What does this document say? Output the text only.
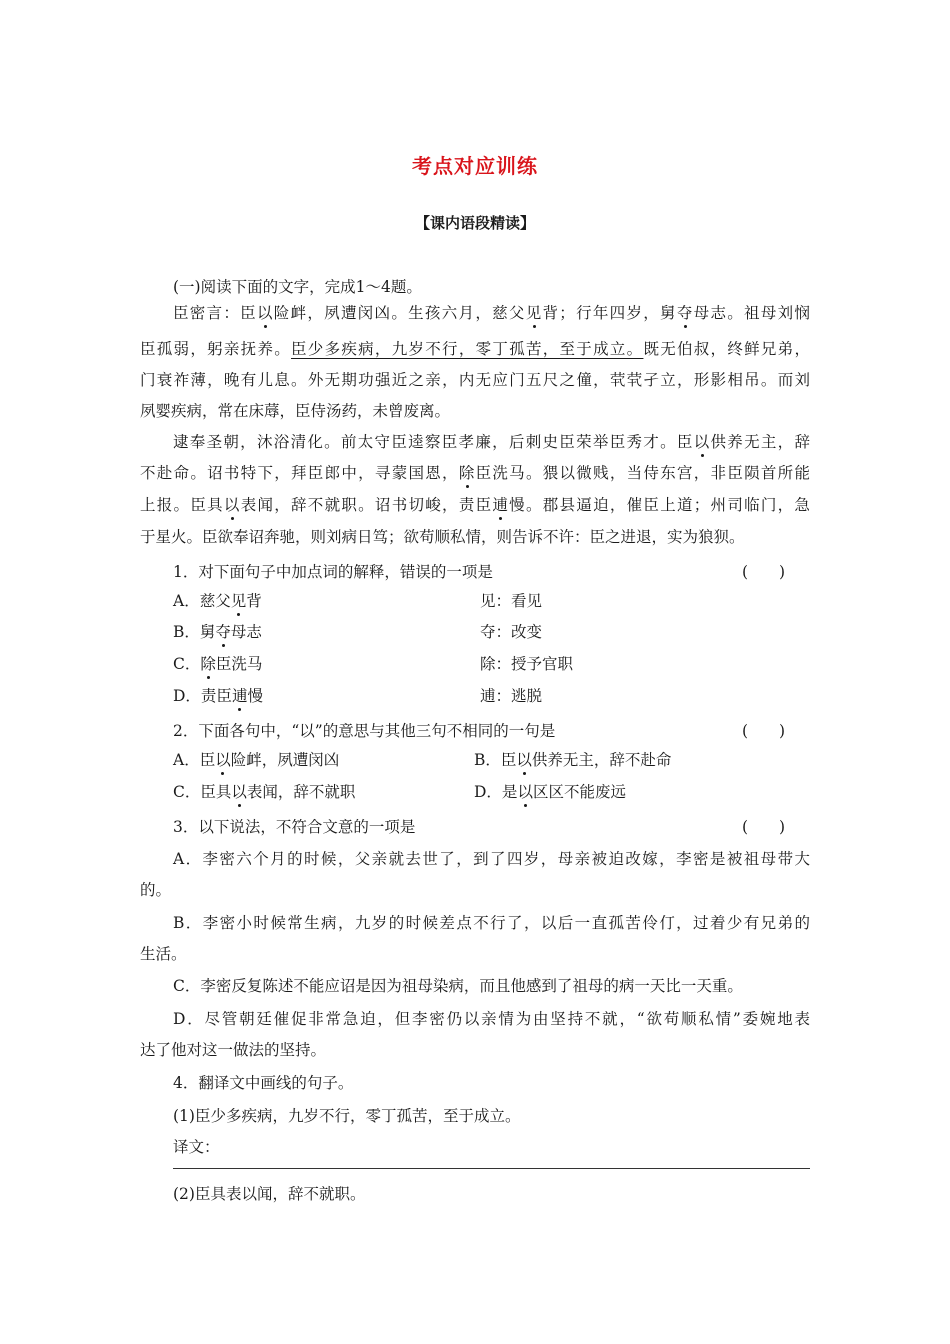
考点对应训练
【课内语段精读】
(一)阅读下面的文字，完成1～4题。
臣密言：臣以险衅，夙遭闵凶。生孩六月，慈父见背；行年四岁，舅夺母志。祖母刘悯
臣孤弱，躬亲抚养。臣少多疾病，九岁不行，零丁孤苦，至于成立。既无伯叔，终鲜兄弟，
门衰祚薄，晚有儿息。外无期功强近之亲，内无应门五尺之僮，茕茕孑立，形影相吊。而刘
夙婴疾病，常在床蓐，臣侍汤药，未曾废离。
逮奉圣朝，沐浴清化。前太守臣逵察臣孝廉，后刺史臣荣举臣秀才。臣以供养无主，辞
不赴命。诏书特下，拜臣郎中，寻蒙国恩，除臣洗马。猥以微贱，当侍东宫，非臣陨首所能
上报。臣具以表闻，辞不就职。诏书切峻，责臣逋慢。郡县逼迫，催臣上道；州司临门，急
于星火。臣欲奉诏奔驰，则刘病日笃；欲苟顺私情，则告诉不许：臣之进退，实为狼狈。
1．对下面句子中加点词的解释，错误的一项是	(　　)
A．慈父见背	见：看见
B．舅夺母志	夺：改变
C．除臣洗马	除：授予官职
D．责臣逋慢	逋：逃脱
2．下面各句中，“以”的意思与其他三句不相同的一句是	(　　)
A．臣以险衅，夙遭闵凶	B．臣以供养无主，辞不赴命
C．臣具以表闻，辞不就职	D．是以区区不能废远
3．以下说法，不符合文意的一项是	(　　)
A．李密六个月的时候，父亲就去世了，到了四岁，母亲被迫改嫁，李密是被祖母带大
的。
B．李密小时候常生病，九岁的时候差点不行了，以后一直孤苦伶仃，过着少有兄弟的
生活。
C．李密反复陈述不能应诏是因为祖母染病，而且他感到了祖母的病一天比一天重。
D．尽管朝廷催促非常急迫，但李密仍以亲情为由坚持不就，“欲苟顺私情”委婉地表
达了他对这一做法的坚持。
4．翻译文中画线的句子。
(1)臣少多疾病，九岁不行，零丁孤苦，至于成立。
译文：
(2)臣具表以闻，辞不就职。
